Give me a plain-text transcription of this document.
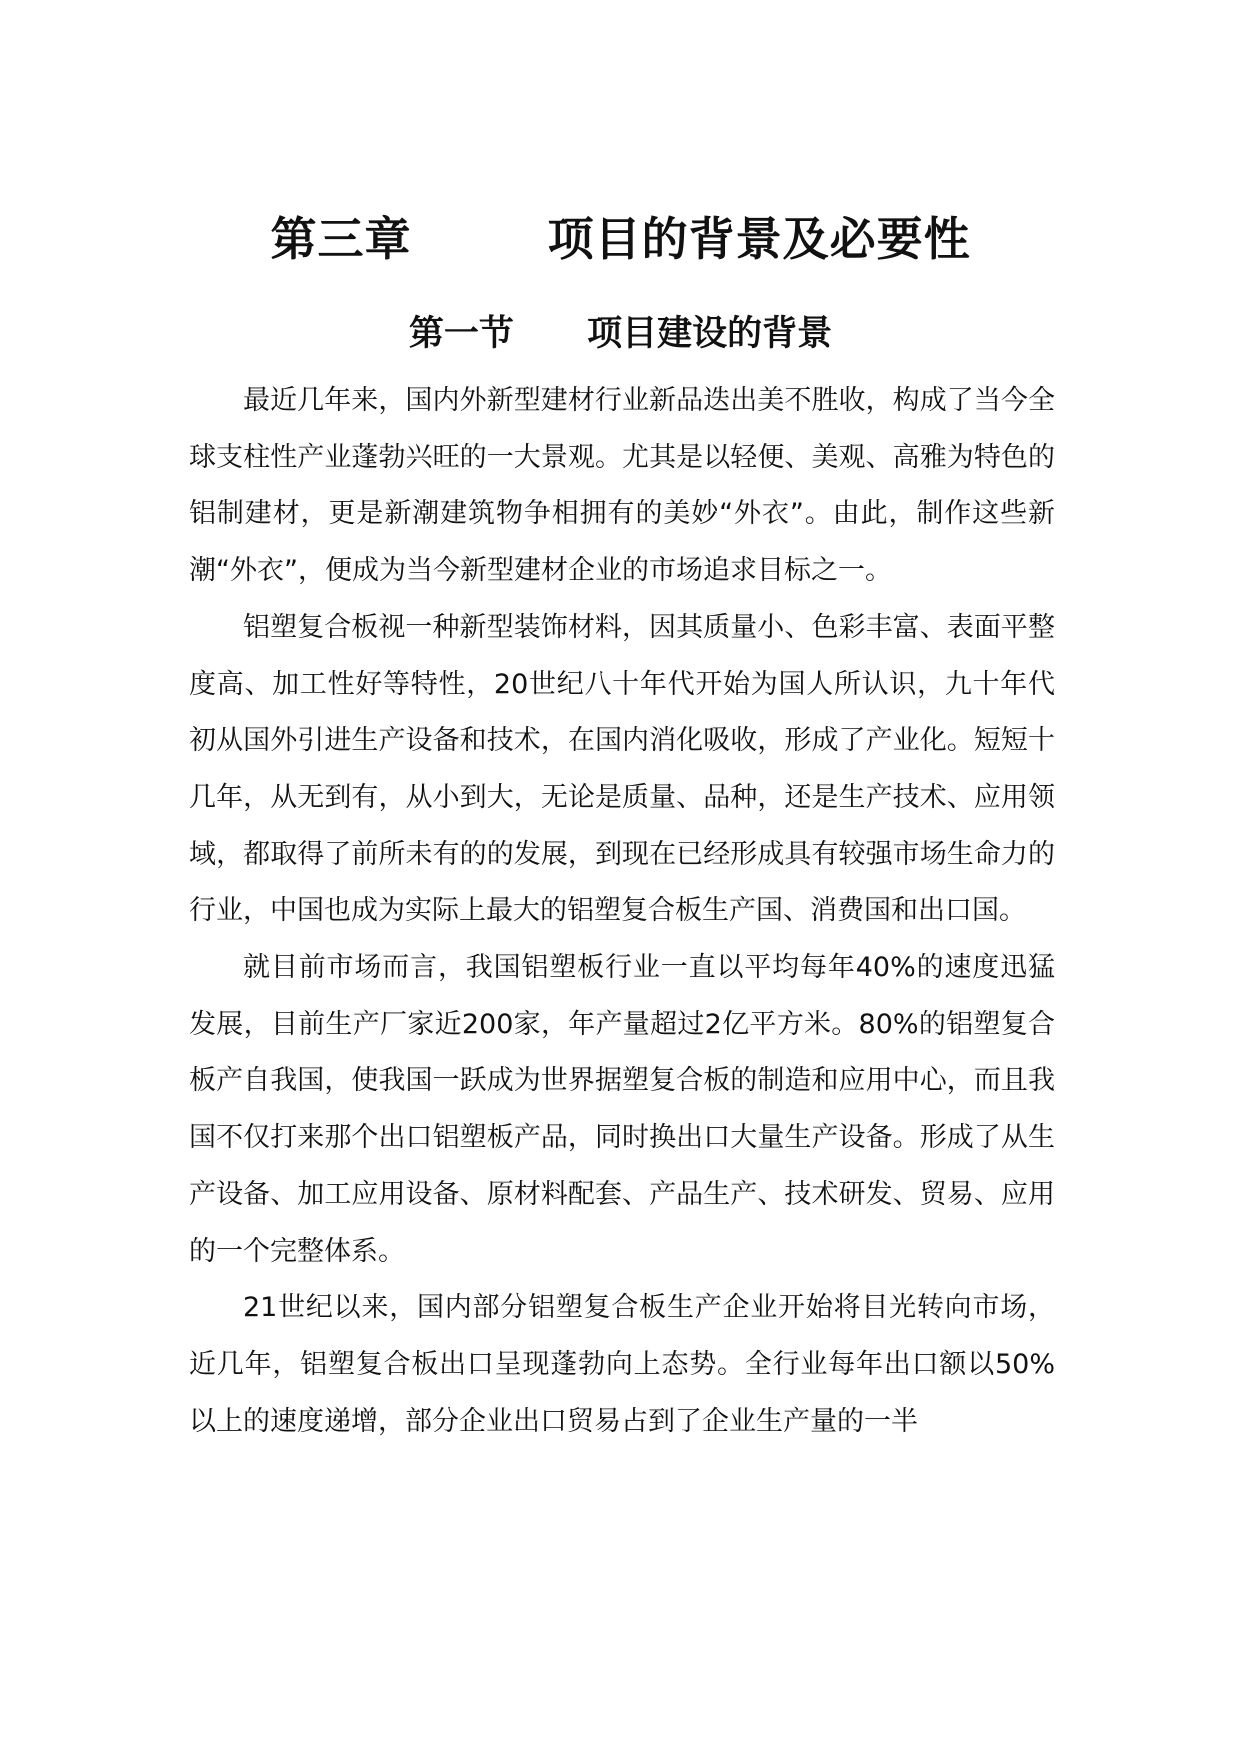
第三章	项目的背景及必要性
第一节 项目建设的背景

最近几年来，国内外新型建材行业新品迭出美不胜收，构成了当今全球支柱性产业蓬勃兴旺的一大景观。尤其是以轻便、美观、高雅为特色的铝制建材，更是新潮建筑物争相拥有的美妙“外衣”。由此，制作这些新潮“外衣”，便成为当今新型建材企业的市场追求目标之一。

铝塑复合板视一种新型装饰材料，因其质量小、色彩丰富、表面平整度高、加工性好等特性，20世纪八十年代开始为国人所认识，九十年代初从国外引进生产设备和技术，在国内消化吸收，形成了产业化。短短十几年，从无到有，从小到大，无论是质量、品种，还是生产技术、应用领域，都取得了前所未有的的发展，到现在已经形成具有较强市场生命力的行业，中国也成为实际上最大的铝塑复合板生产国、消费国和出口国。

就目前市场而言，我国铝塑板行业一直以平均每年40%的速度迅猛发展，目前生产厂家近200家，年产量超过2亿平方米。80%的铝塑复合板产自我国，使我国一跃成为世界据塑复合板的制造和应用中心，而且我国不仅打来那个出口铝塑板产品，同时换出口大量生产设备。形成了从生产设备、加工应用设备、原材料配套、产品生产、技术研发、贸易、应用的一个完整体系。

21世纪以来，国内部分铝塑复合板生产企业开始将目光转向市场，近几年，铝塑复合板出口呈现蓬勃向上态势。全行业每年出口额以50%以上的速度递增，部分企业出口贸易占到了企业生产量的一半
